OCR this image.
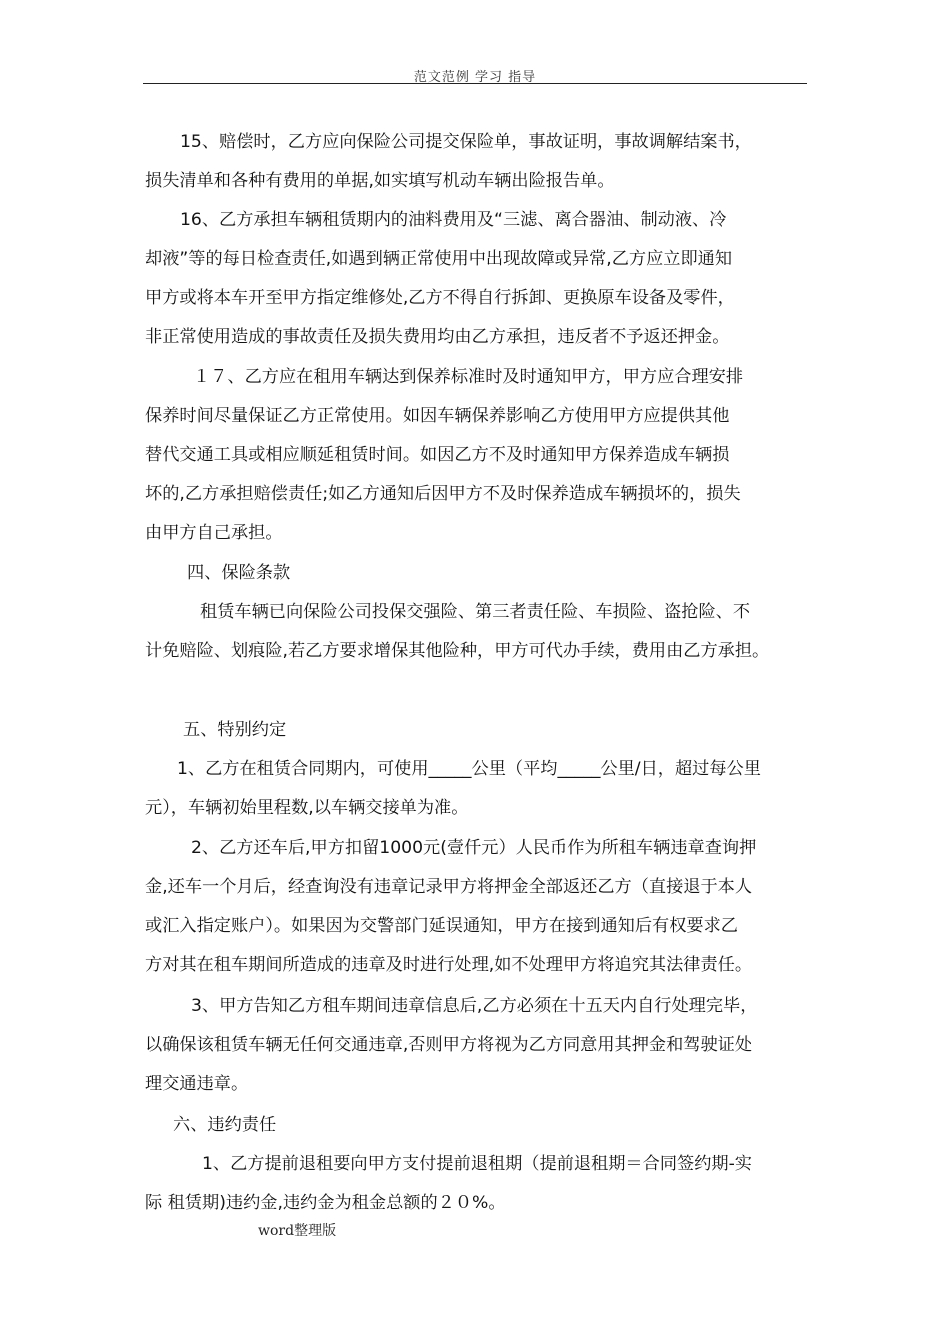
范文范例 学习 指导
15、赔偿时，乙方应向保险公司提交保险单，事故证明，事故调解结案书，
损失清单和各种有费用的单据,如实填写机动车辆出险报告单。
16、乙方承担车辆租赁期内的油料费用及“三滤、离合器油、制动液、冷
却液”等的每日检查责任,如遇到辆正常使用中出现故障或异常,乙方应立即通知
甲方或将本车开至甲方指定维修处,乙方不得自行拆卸、更换原车设备及零件，
非正常使用造成的事故责任及损失费用均由乙方承担，违反者不予返还押金。
１７、乙方应在租用车辆达到保养标准时及时通知甲方，甲方应合理安排
保养时间尽量保证乙方正常使用。如因车辆保养影响乙方使用甲方应提供其他
替代交通工具或相应顺延租赁时间。如因乙方不及时通知甲方保养造成车辆损
坏的,乙方承担赔偿责任;如乙方通知后因甲方不及时保养造成车辆损坏的，损失
由甲方自己承担。
四、保险条款
租赁车辆已向保险公司投保交强险、第三者责任险、车损险、盗抢险、不
计免赔险、划痕险,若乙方要求增保其他险种，甲方可代办手续，费用由乙方承担。
五、特别约定
1、乙方在租赁合同期内，可使用_____公里（平均_____公里/日，超过每公里
元），车辆初始里程数,以车辆交接单为准。
2、乙方还车后,甲方扣留1000元(壹仟元）人民币作为所租车辆违章查询押
金,还车一个月后，经查询没有违章记录甲方将押金全部返还乙方（直接退于本人
或汇入指定账户）。如果因为交警部门延误通知，甲方在接到通知后有权要求乙
方对其在租车期间所造成的违章及时进行处理,如不处理甲方将追究其法律责任。
3、甲方告知乙方租车期间违章信息后,乙方必须在十五天内自行处理完毕，
以确保该租赁车辆无任何交通违章,否则甲方将视为乙方同意用其押金和驾驶证处
理交通违章。
六、违约责任
1、乙方提前退租要向甲方支付提前退租期（提前退租期＝合同签约期-实
际 租赁期)违约金,违约金为租金总额的２０%。
word整理版
